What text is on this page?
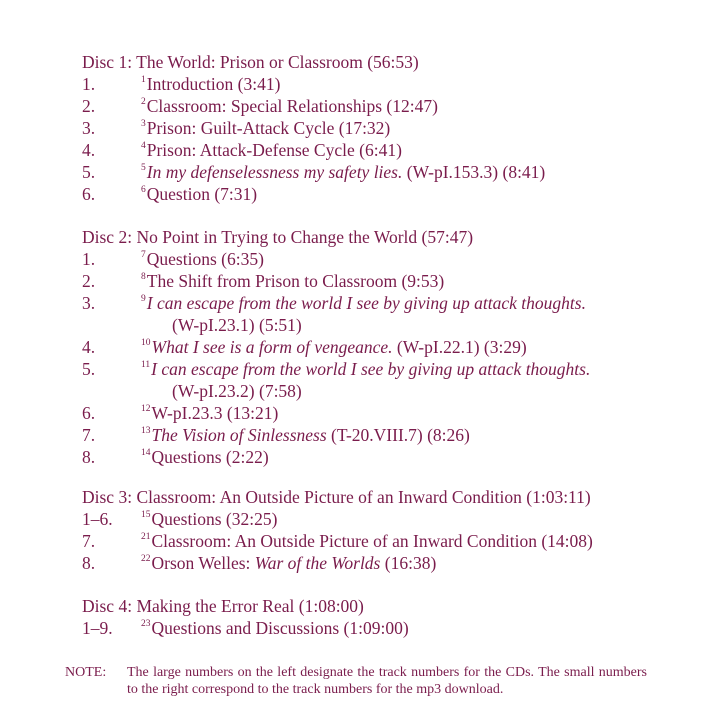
Disc 1: The World: Prison or Classroom (56:53)
1.	$^1$Introduction (3:41)
2.	$^2$Classroom: Special Relationships (12:47)
3.	$^3$Prison: Guilt-Attack Cycle (17:32)
4.	$^4$Prison: Attack-Defense Cycle (6:41)
5.	$^5$In my defenselessness my safety lies. (W-pI.153.3) (8:41)
6.	$^6$Question (7:31)
Disc 2: No Point in Trying to Change the World (57:47)
1.	$^7$Questions (6:35)
2.	$^8$The Shift from Prison to Classroom (9:53)
3.	$^9$I can escape from the world I see by giving up attack thoughts.
(W-pI.23.1) (5:51)
4.	$^{10}$What I see is a form of vengeance. (W-pI.22.1) (3:29)
5.	$^{11}$I can escape from the world I see by giving up attack thoughts.
(W-pI.23.2) (7:58)
6.	$^{12}$W-pI.23.3 (13:21)
7.	$^{13}$The Vision of Sinlessness (T-20.VIII.7) (8:26)
8.	$^{14}$Questions (2:22)
Disc 3: Classroom: An Outside Picture of an Inward Condition (1:03:11)
1–6.	$^{15}$Questions (32:25)
7.	$^{21}$Classroom: An Outside Picture of an Inward Condition (14:08)
8.	$^{22}$Orson Welles: War of the Worlds (16:38)
Disc 4: Making the Error Real (1:08:00)
1–9.	$^{23}$Questions and Discussions (1:09:00)
NOTE:	The large numbers on the left designate the track numbers for the CDs. The small numbers to the right correspond to the track numbers for the mp3 download.
